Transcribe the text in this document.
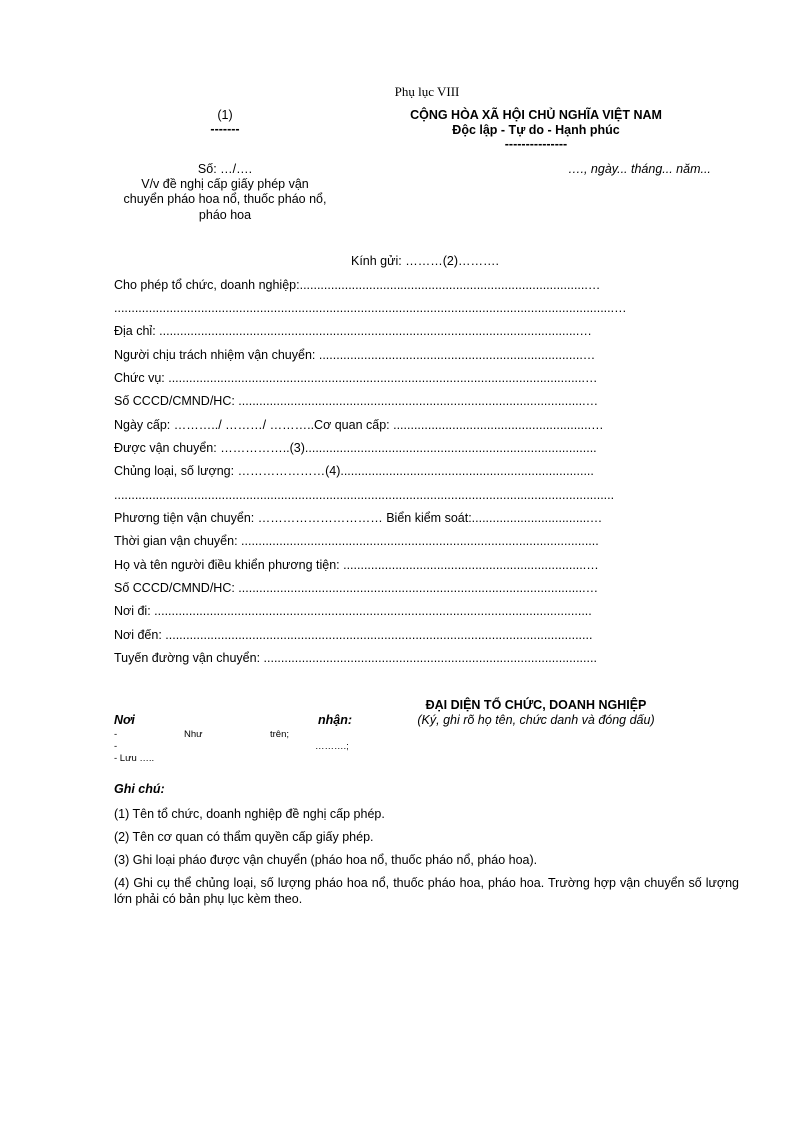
Phụ lục VIII
(1)
-------
CỘNG HÒA XÃ HỘI CHỦ NGHĨA VIỆT NAM
Độc lập - Tự do - Hạnh phúc
---------------
Số: …/….
V/v đề nghị cấp giấy phép vận
chuyển pháo hoa nổ, thuốc pháo nổ,
pháo hoa
…., ngày... tháng... năm...
Kính gửi: ………(2)……….
Cho phép tổ chức, doanh nghiệp:...................................................................................…
................................................................................................................................................…
Địa chỉ: .........................................................................................................................…
Người chịu trách nhiệm vận chuyển: ............................................................................…
Chức vụ: ........................................................................................................................…
Số CCCD/CMND/HC: ....................................................................................................…
Ngày cấp: ………../ ………/ ………..Cơ quan cấp: .........................................................…
Được vận chuyển: ……………..(3)....................................................................................
Chủng loại, số lượng: …………………(4).........................................................................
................................................................................................................................................
Phương tiện vận chuyển: ………………………… Biển kiểm soát:..................................…
Thời gian vận chuyển: .......................................................................................................
Họ và tên người điều khiển phương tiện: ......................................................................…
Số CCCD/CMND/HC: ....................................................................................................…
Nơi đi: ..............................................................................................................................
Nơi đến: ...........................................................................................................................
Tuyến đường vận chuyển: ................................................................................................
ĐẠI DIỆN TỔ CHỨC, DOANH NGHIỆP
(Ký, ghi rõ họ tên, chức danh và đóng dấu)
Nơi	nhận:
-	Như	trên;
-	……….;
- Lưu …..
Ghi chú:
(1) Tên tổ chức, doanh nghiệp đề nghị cấp phép.
(2) Tên cơ quan có thẩm quyền cấp giấy phép.
(3) Ghi loại pháo được vận chuyển (pháo hoa nổ, thuốc pháo nổ, pháo hoa).
(4) Ghi cụ thể chủng loại, số lượng pháo hoa nổ, thuốc pháo hoa, pháo hoa. Trường hợp vận chuyển số lượng lớn phải có bản phụ lục kèm theo.
